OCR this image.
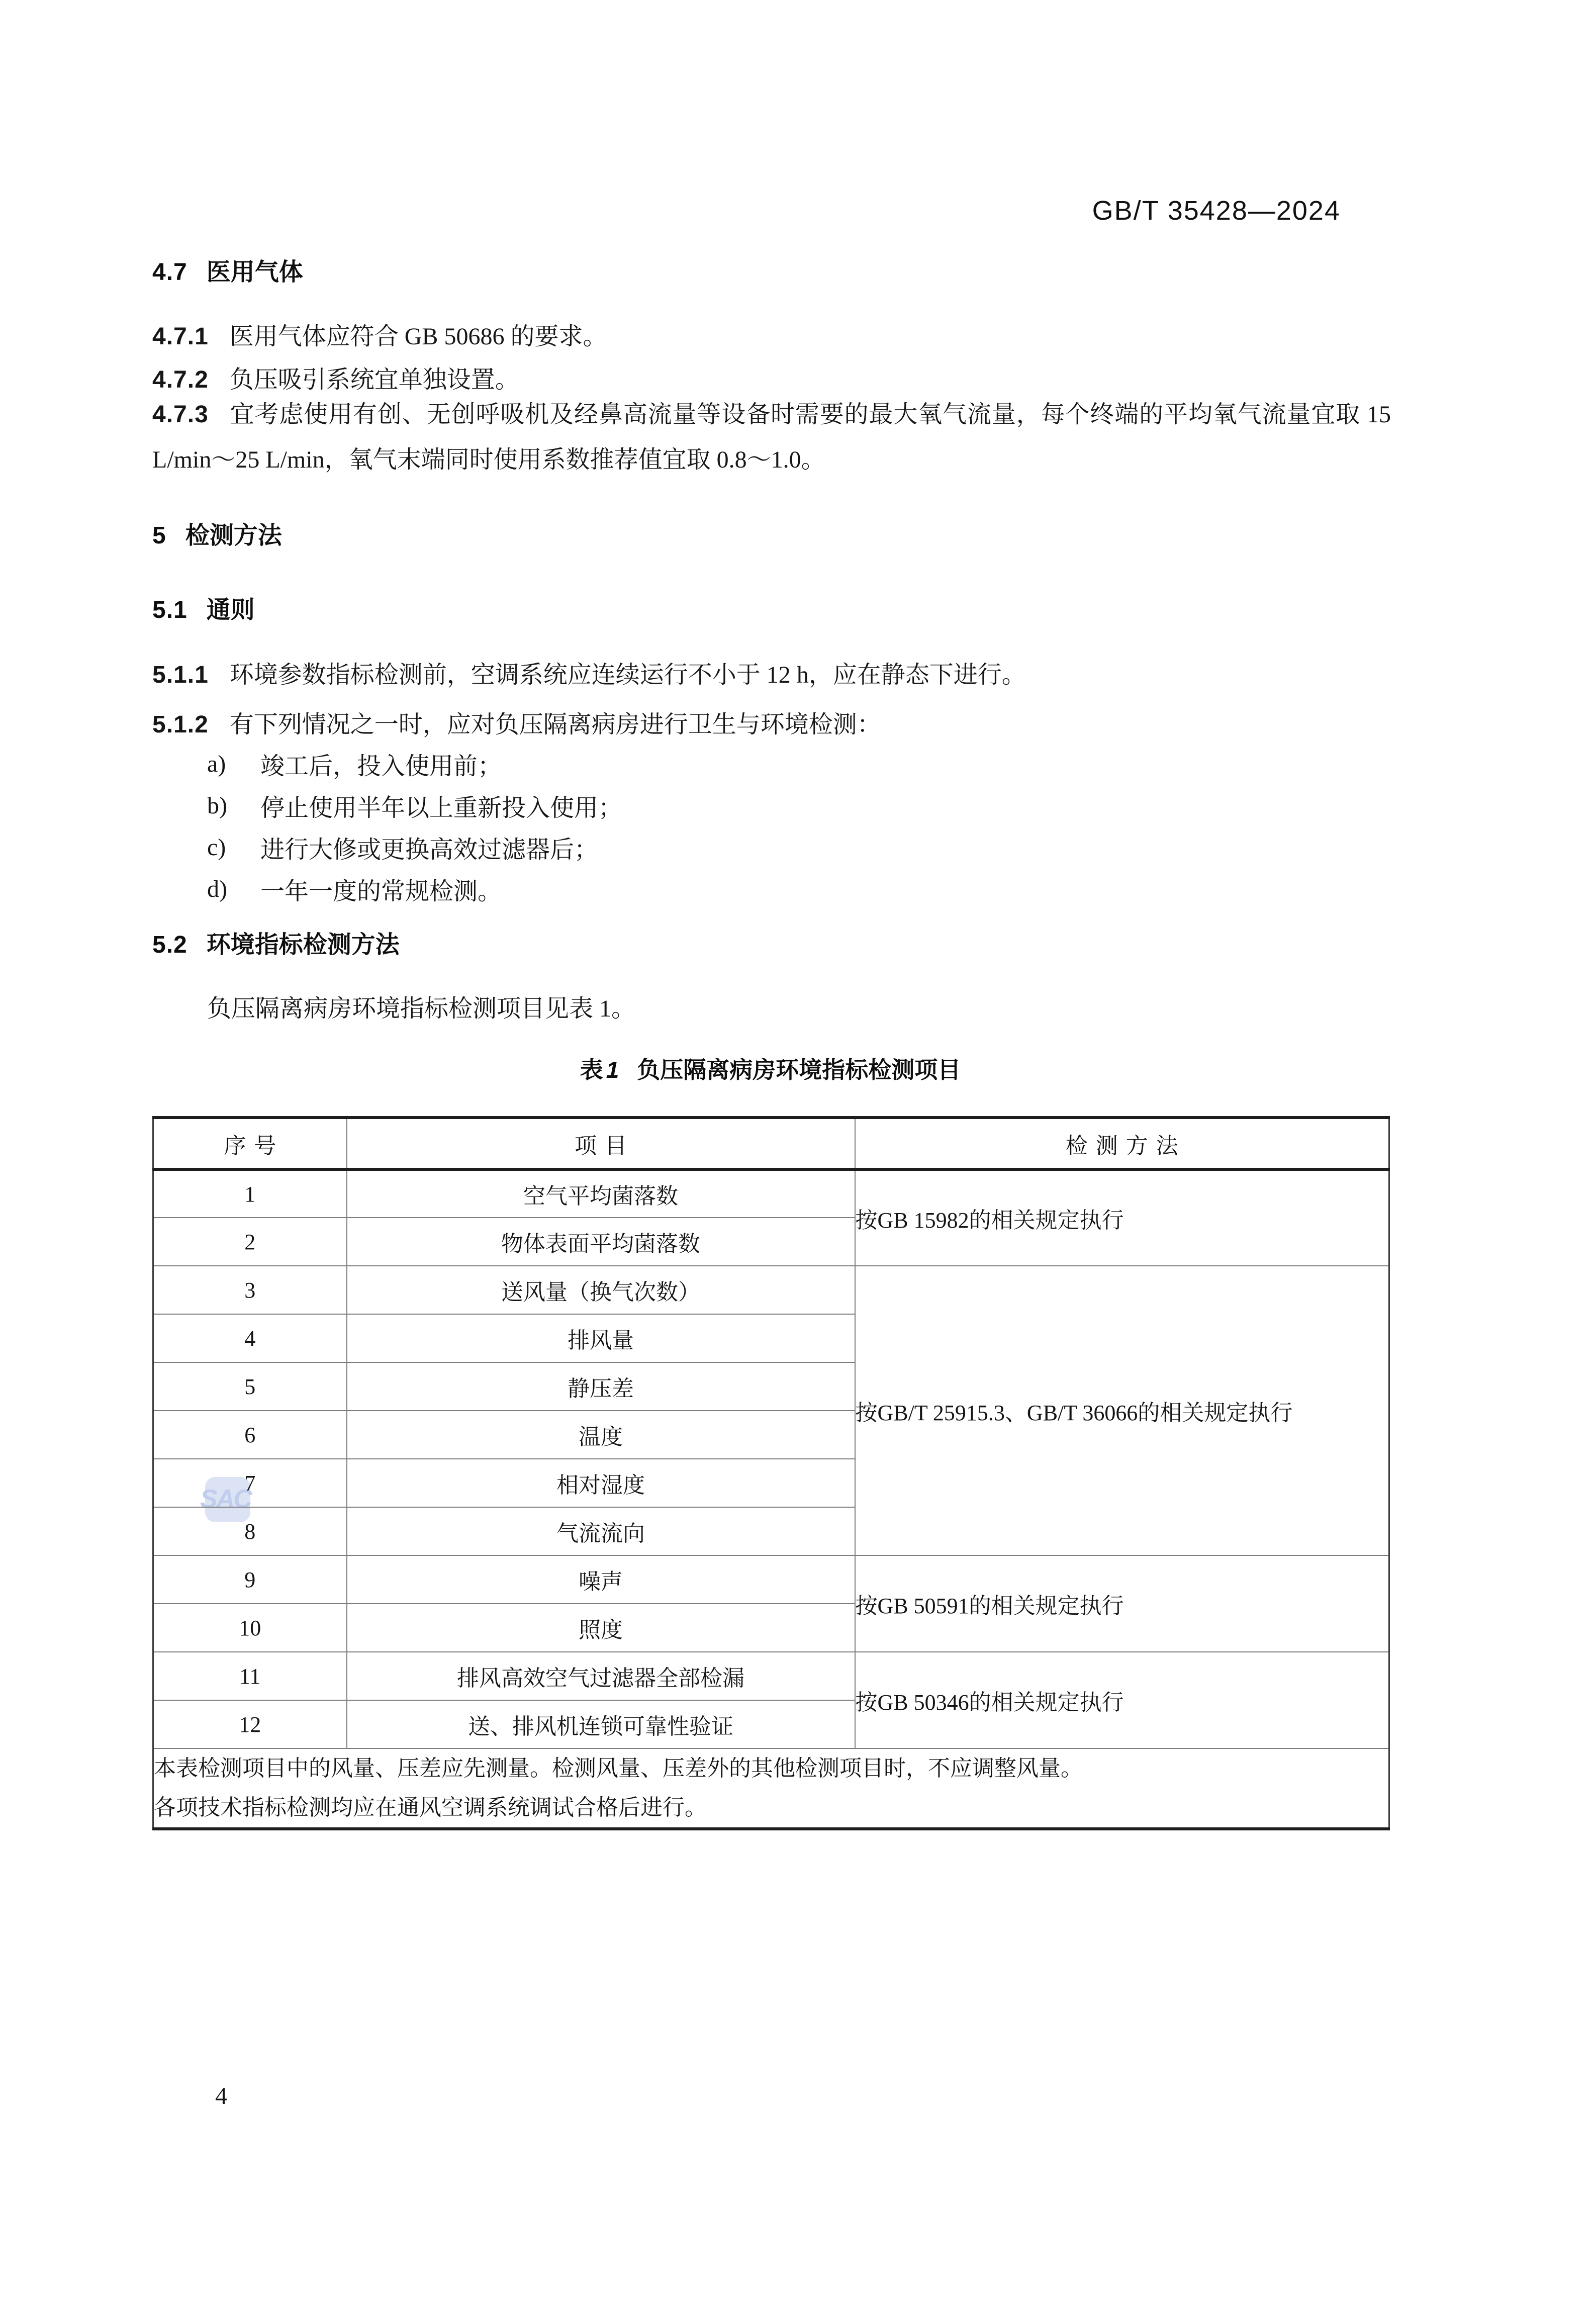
GB/T 35428—2024
4.7 医用气体
4.7.1 医用气体应符合 GB 50686 的要求。
4.7.2 负压吸引系统宜单独设置。
4.7.3 宜考虑使用有创、无创呼吸机及经鼻高流量等设备时需要的最大氧气流量，每个终端的平均氧气流量宜取 15 L/min～25 L/min，氧气末端同时使用系数推荐值宜取 0.8～1.0。
5 检测方法
5.1 通则
5.1.1 环境参数指标检测前，空调系统应连续运行不小于 12 h，应在静态下进行。
5.1.2 有下列情况之一时，应对负压隔离病房进行卫生与环境检测：
a)	竣工后，投入使用前；
b)	停止使用半年以上重新投入使用；
c)	进行大修或更换高效过滤器后；
d)	一年一度的常规检测。
5.2 环境指标检测方法
负压隔离病房环境指标检测项目见表 1。
表 1 负压隔离病房环境指标检测项目
SAC
序号	项目	检测方法
1	空气平均菌落数	按GB 15982的相关规定执行
2	物体表面平均菌落数	
3	送风量（换气次数）	按GB/T 25915.3、GB/T 36066的相关规定执行
4	排风量	
5	静压差	
6	温度	
7	相对湿度	
8	气流流向	
9	噪声	按GB 50591的相关规定执行
10	照度	
11	排风高效空气过滤器全部检漏	按GB 50346的相关规定执行
12	送、排风机连锁可靠性验证	

本表检测项目中的风量、压差应先测量。检测风量、压差外的其他检测项目时，不应调整风量。
各项技术指标检测均应在通风空调系统调试合格后进行。		
4
